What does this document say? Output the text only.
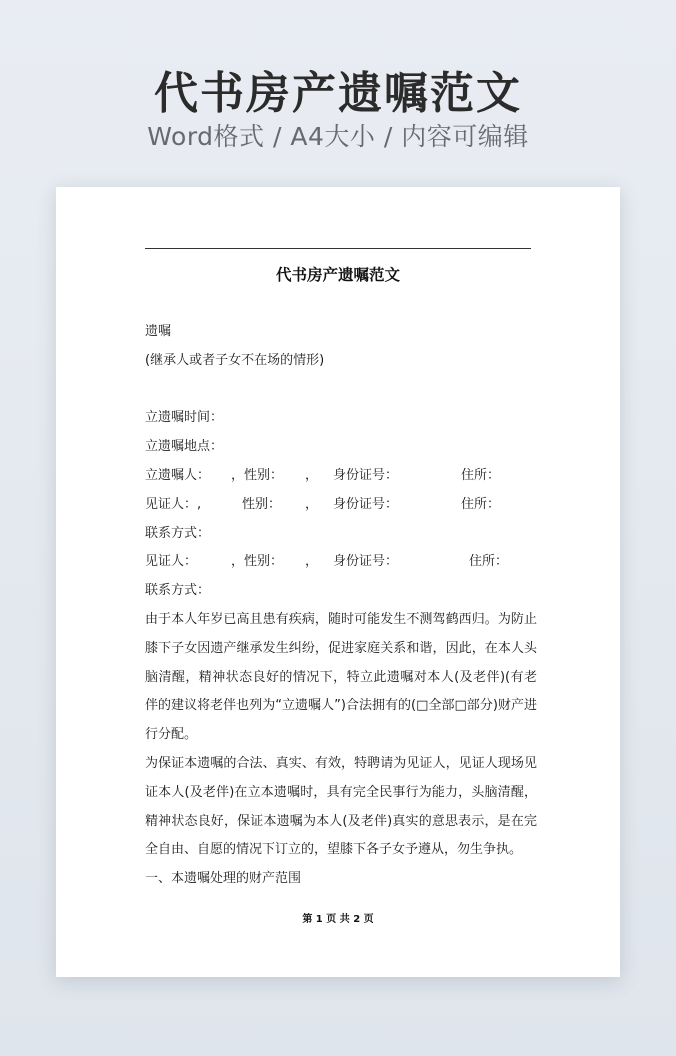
代书房产遗嘱范文
Word格式 / A4大小 / 内容可编辑
代书房产遗嘱范文
遗嘱
(继承人或者子女不在场的情形)
立遗嘱时间：
立遗嘱地点：
立遗嘱人： ，性别： ， 身份证号：	住所：
见证人：,	性别： ， 身份证号：	住所：
联系方式：
见证人：	，性别： ， 身份证号：	住所：
联系方式：

由于本人年岁已高且患有疾病，随时可能发生不测驾鹤西归。为防止膝下子女因遗产继承发生纠纷，促进家庭关系和谐，因此，在本人头脑清醒，精神状态良好的情况下，特立此遗嘱对本人(及老伴)(有老伴的建议将老伴也列为“立遗嘱人”)合法拥有的(□全部□部分)财产进行分配。

为保证本遗嘱的合法、真实、有效，特聘请为见证人，见证人现场见证本人(及老伴)在立本遗嘱时，具有完全民事行为能力，头脑清醒，精神状态良好，保证本遗嘱为本人(及老伴)真实的意思表示，是在完全自由、自愿的情况下订立的，望膝下各子女予遵从，勿生争执。

一、本遗嘱处理的财产范围
第 1 页 共 2 页
